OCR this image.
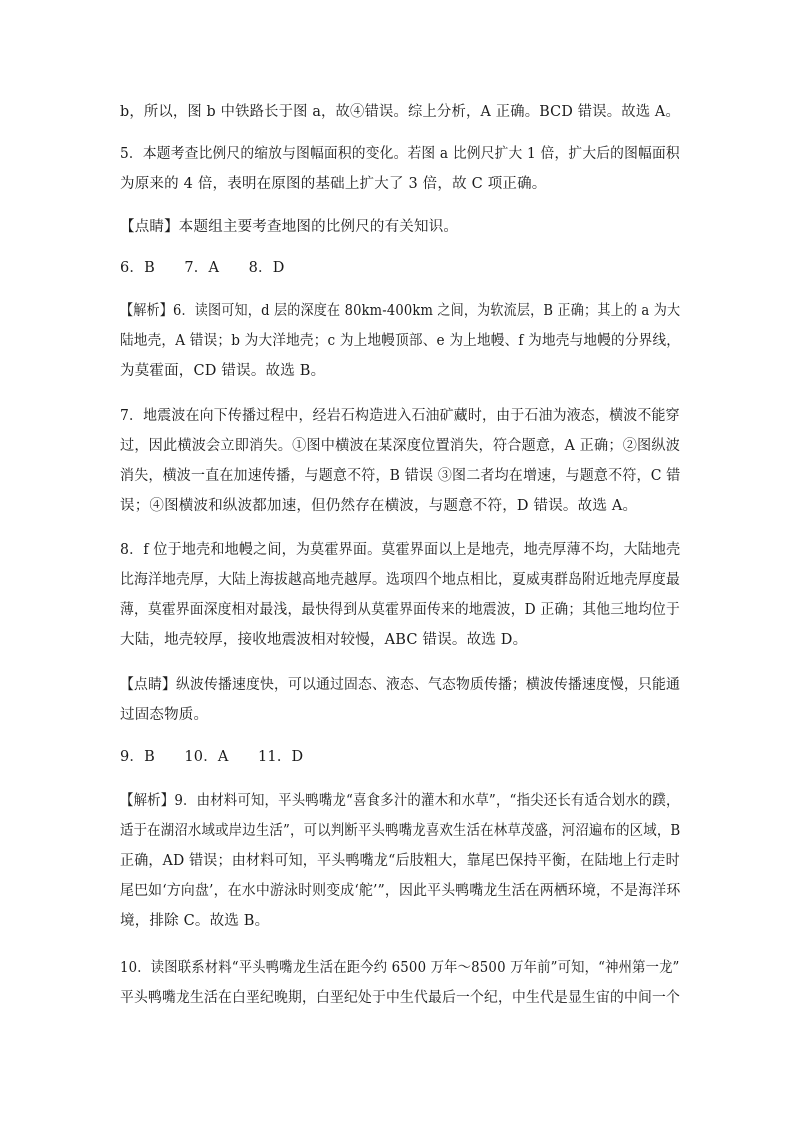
b，所以，图 b 中铁路长于图 a，故④错误。综上分析，A 正确。BCD 错误。故选 A。
5．本题考查比例尺的缩放与图幅面积的变化。若图 a 比例尺扩大 1 倍，扩大后的图幅面积
为原来的 4 倍，表明在原图的基础上扩大了 3 倍，故 C 项正确。
【点睛】本题组主要考查地图的比例尺的有关知识。
6．B　　7．A　　8．D
【解析】6．读图可知，d 层的深度在 80km-400km 之间，为软流层，B 正确；其上的 a 为大
陆地壳，A 错误；b 为大洋地壳；c 为上地幔顶部、e 为上地幔、f 为地壳与地幔的分界线，
为莫霍面，CD 错误。故选 B。
7．地震波在向下传播过程中，经岩石构造进入石油矿藏时，由于石油为液态，横波不能穿
过，因此横波会立即消失。①图中横波在某深度位置消失，符合题意，A 正确；②图纵波
消失，横波一直在加速传播，与题意不符，B 错误 ③图二者均在增速，与题意不符，C 错
误；④图横波和纵波都加速，但仍然存在横波，与题意不符，D 错误。故选 A。
8．f 位于地壳和地幔之间，为莫霍界面。莫霍界面以上是地壳，地壳厚薄不均，大陆地壳
比海洋地壳厚，大陆上海拔越高地壳越厚。选项四个地点相比，夏威夷群岛附近地壳厚度最
薄，莫霍界面深度相对最浅，最快得到从莫霍界面传来的地震波，D 正确；其他三地均位于
大陆，地壳较厚，接收地震波相对较慢，ABC 错误。故选 D。
【点睛】纵波传播速度快，可以通过固态、液态、气态物质传播；横波传播速度慢，只能通
过固态物质。
9．B　　10．A　　11．D
【解析】9．由材料可知，平头鸭嘴龙“喜食多汁的灌木和水草”，“指尖还长有适合划水的蹼，
适于在湖沼水域或岸边生活”，可以判断平头鸭嘴龙喜欢生活在林草茂盛，河沼遍布的区域，B
正确，AD 错误；由材料可知，平头鸭嘴龙“后肢粗大，靠尾巴保持平衡，在陆地上行走时
尾巴如‘方向盘’，在水中游泳时则变成‘舵’”，因此平头鸭嘴龙生活在两栖环境，不是海洋环
境，排除 C。故选 B。
10．读图联系材料“平头鸭嘴龙生活在距今约 6500 万年～8500 万年前”可知，“神州第一龙”
平头鸭嘴龙生活在白垩纪晚期，白垩纪处于中生代最后一个纪，中生代是显生宙的中间一个
